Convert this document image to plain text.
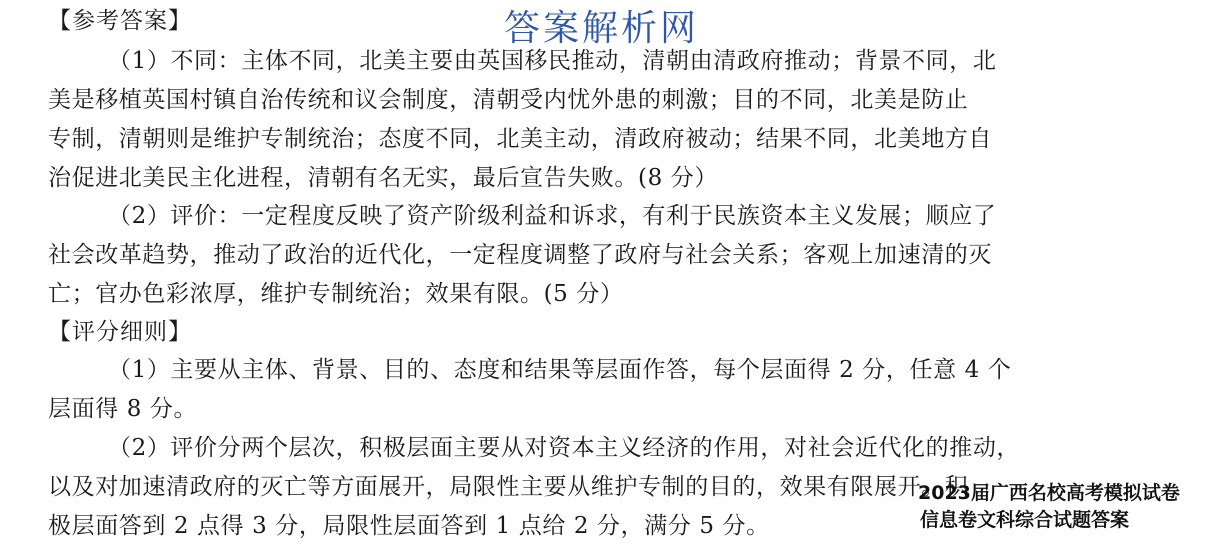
【参考答案】	答案解析网
（1）不同：主体不同，北美主要由英国移民推动，清朝由清政府推动；背景不同，北
美是移植英国村镇自治传统和议会制度，清朝受内忧外患的刺激；目的不同，北美是防止
专制，清朝则是维护专制统治；态度不同，北美主动，清政府被动；结果不同，北美地方自
治促进北美民主化进程，清朝有名无实，最后宣告失败。(8 分）
（2）评价：一定程度反映了资产阶级利益和诉求，有利于民族资本主义发展；顺应了
社会改革趋势，推动了政治的近代化，一定程度调整了政府与社会关系；客观上加速清的灭
亡；官办色彩浓厚，维护专制统治；效果有限。(5 分）
【评分细则】
（1）主要从主体、背景、目的、态度和结果等层面作答，每个层面得 2 分，任意 4 个
层面得 8 分。
（2）评价分两个层次，积极层面主要从对资本主义经济的作用，对社会近代化的推动，
以及对加速清政府的灭亡等方面展开，局限性主要从维护专制的目的，效果有限展开。积
极层面答到 2 点得 3 分，局限性层面答到 1 点给 2 分，满分 5 分。
2023届广西名校高考模拟试卷
信息卷文科综合试题答案
